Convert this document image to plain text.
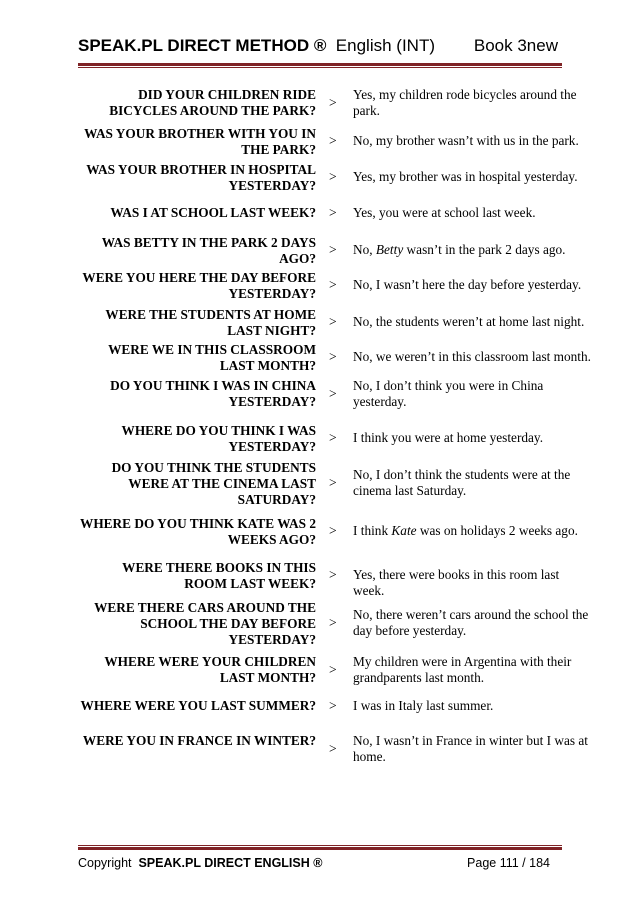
SPEAK.PL DIRECT METHOD ® English (INT) Book 3new
DID YOUR CHILDREN RIDE BICYCLES AROUND THE PARK?
>
Yes, my children rode bicycles around the park.
WAS YOUR BROTHER WITH YOU IN THE PARK?
> No, my brother wasn’t with us in the park.
WAS YOUR BROTHER IN HOSPITAL YESTERDAY?
> Yes, my brother was in hospital yesterday.
WAS I AT SCHOOL LAST WEEK? > Yes, you were at school last week.
WAS BETTY IN THE PARK 2 DAYS AGO?
> No, Betty wasn’t in the park 2 days ago.
WERE YOU HERE THE DAY BEFORE YESTERDAY?
> No, I wasn’t here the day before yesterday.
WERE THE STUDENTS AT HOME LAST NIGHT?
> No, the students weren’t at home last night.
WERE WE IN THIS CLASSROOM LAST MONTH?
> No, we weren’t in this classroom last month.
DO YOU THINK I WAS IN CHINA YESTERDAY?
>
No, I don’t think you were in China yesterday.
WHERE DO YOU THINK I WAS YESTERDAY?
> I think you were at home yesterday.
DO YOU THINK THE STUDENTS WERE AT THE CINEMA LAST SATURDAY?
>
No, I don’t think the students were at the cinema last Saturday.
WHERE DO YOU THINK KATE WAS 2 WEEKS AGO?
> I think Kate was on holidays 2 weeks ago.
WERE THERE BOOKS IN THIS ROOM LAST WEEK?
> Yes, there were books in this room last week.
WERE THERE CARS AROUND THE SCHOOL THE DAY BEFORE YESTERDAY?
>
No, there weren’t cars around the school the day before yesterday.
WHERE WERE YOUR CHILDREN LAST MONTH?
>
My children were in Argentina with their grandparents last month.
WHERE WERE YOU LAST SUMMER? > I was in Italy last summer.
WERE YOU IN FRANCE IN WINTER?
>
No, I wasn’t in France in winter but I was at home.
Copyright SPEAK.PL DIRECT ENGLISH ®	Page 111 / 184
